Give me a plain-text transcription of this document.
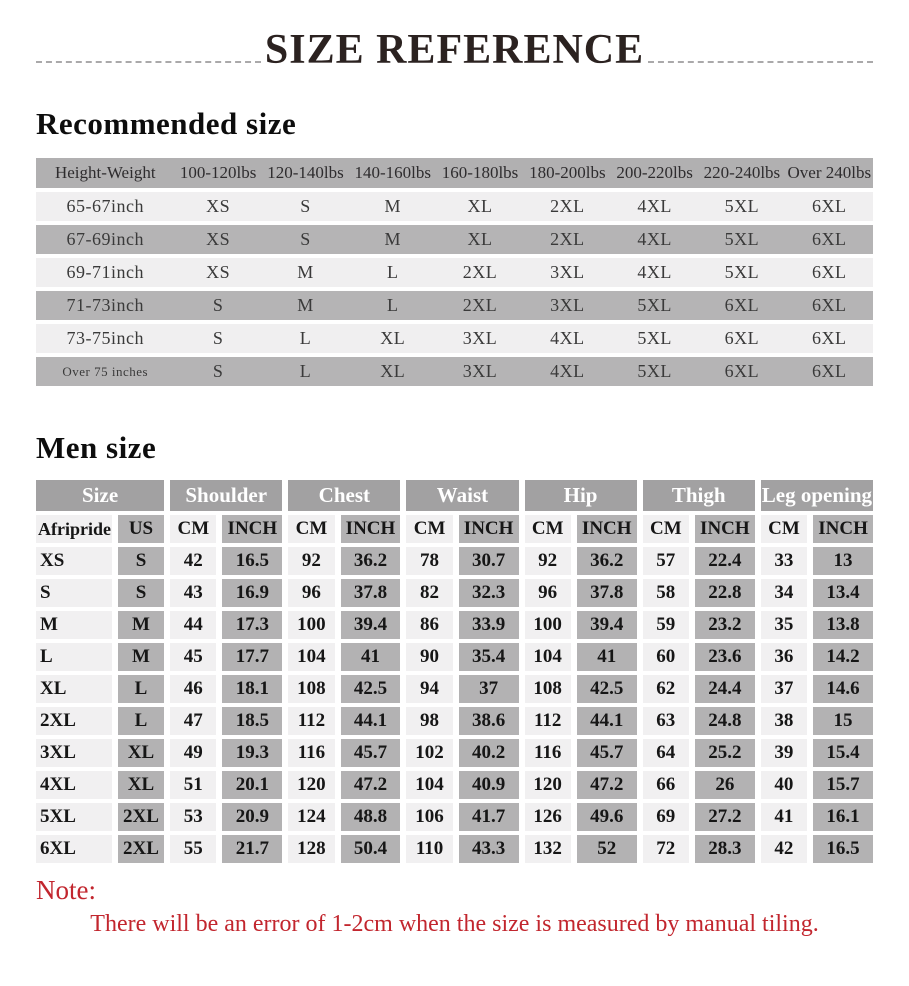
SIZE REFERENCE
Recommended size
Height-Weight	100-120lbs	120-140lbs	140-160lbs	160-180lbs	180-200lbs	200-220lbs	220-240lbs	Over 240lbs
65-67inch	XS	S	M	XL	2XL	4XL	5XL	6XL
67-69inch	XS	S	M	XL	2XL	4XL	5XL	6XL
69-71inch	XS	M	L	2XL	3XL	4XL	5XL	6XL
71-73inch	S	M	L	2XL	3XL	5XL	6XL	6XL
73-75inch	S	L	XL	3XL	4XL	5XL	6XL	6XL
Over 75 inches	S	L	XL	3XL	4XL	5XL	6XL	6XL
Men size
Size		Shoulder		Chest		Waist		Hip		Thigh		Leg opening	
Afripride	US	CM	INCH	CM	INCH	CM	INCH	CM	INCH	CM	INCH	CM	INCH
XS	S	42	16.5	92	36.2	78	30.7	92	36.2	57	22.4	33	13
S	S	43	16.9	96	37.8	82	32.3	96	37.8	58	22.8	34	13.4
M	M	44	17.3	100	39.4	86	33.9	100	39.4	59	23.2	35	13.8
L	M	45	17.7	104	41	90	35.4	104	41	60	23.6	36	14.2
XL	L	46	18.1	108	42.5	94	37	108	42.5	62	24.4	37	14.6
2XL	L	47	18.5	112	44.1	98	38.6	112	44.1	63	24.8	38	15
3XL	XL	49	19.3	116	45.7	102	40.2	116	45.7	64	25.2	39	15.4
4XL	XL	51	20.1	120	47.2	104	40.9	120	47.2	66	26	40	15.7
5XL	2XL	53	20.9	124	48.8	106	41.7	126	49.6	69	27.2	41	16.1
6XL	2XL	55	21.7	128	50.4	110	43.3	132	52	72	28.3	42	16.5
Note:
There will be an error of 1-2cm when the size is measured by manual tiling.
